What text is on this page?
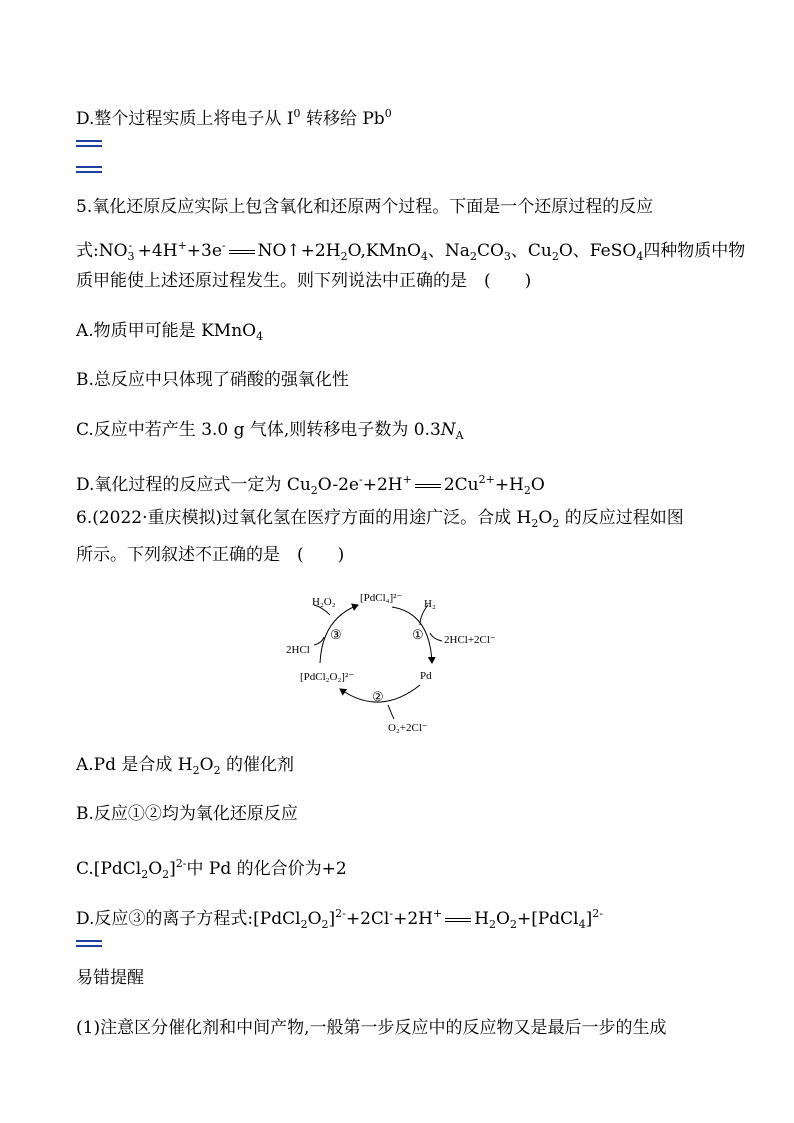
D.整个过程实质上将电子从 $I^0$ 转移给 Pb$^0$
5.氧化还原反应实际上包含氧化和还原两个过程。下面是一个还原过程的反应
式$:NO_3^- +4H^++3e^-$ $NO↑+2H_2O,KMnO_4$、$Na_2CO_3$、$Cu_2O$、FeSO$_4$四种物质中物
质甲能使上述还原过程发生。则下列说法中正确的是　(　　)
A.物质甲可能是 KMnO$_4$
B.总反应中只体现了硝酸的强氧化性
C.反应中若产生 3.0 g 气体,则转移电子数为 $0.3N_A$
D.氧化过程的反应式一定为 $Cu_2O-2e^-+2H^+$ $2Cu^{2+}+H_2O$
6.(2022·重庆模拟)过氧化氢在医疗方面的用途广泛。合成 $H_2O_2$ 的反应过程如图
所示。下列叙述不正确的是　(　　)
H₂O₂ [PdCl₄]²⁻ H₂
2HCl+2Cl⁻
Pd
2HCl
[PdCl₂O₂]²⁻
O₂+2Cl⁻
①
②
③
A.Pd 是合成 $H_2O_2$ 的催化剂
B.反应①②均为氧化还原反应
$C.[PdCl_2O_2]^{2-}$中 Pd 的化合价为+2
D.反应③的离子方程式$:[PdCl_2O_2]^{2-}+2Cl^-+2H^+$ $H_2O_2+[PdCl_4]^{2-}$
易错提醒
(1)注意区分催化剂和中间产物,一般第一步反应中的反应物又是最后一步的生成
